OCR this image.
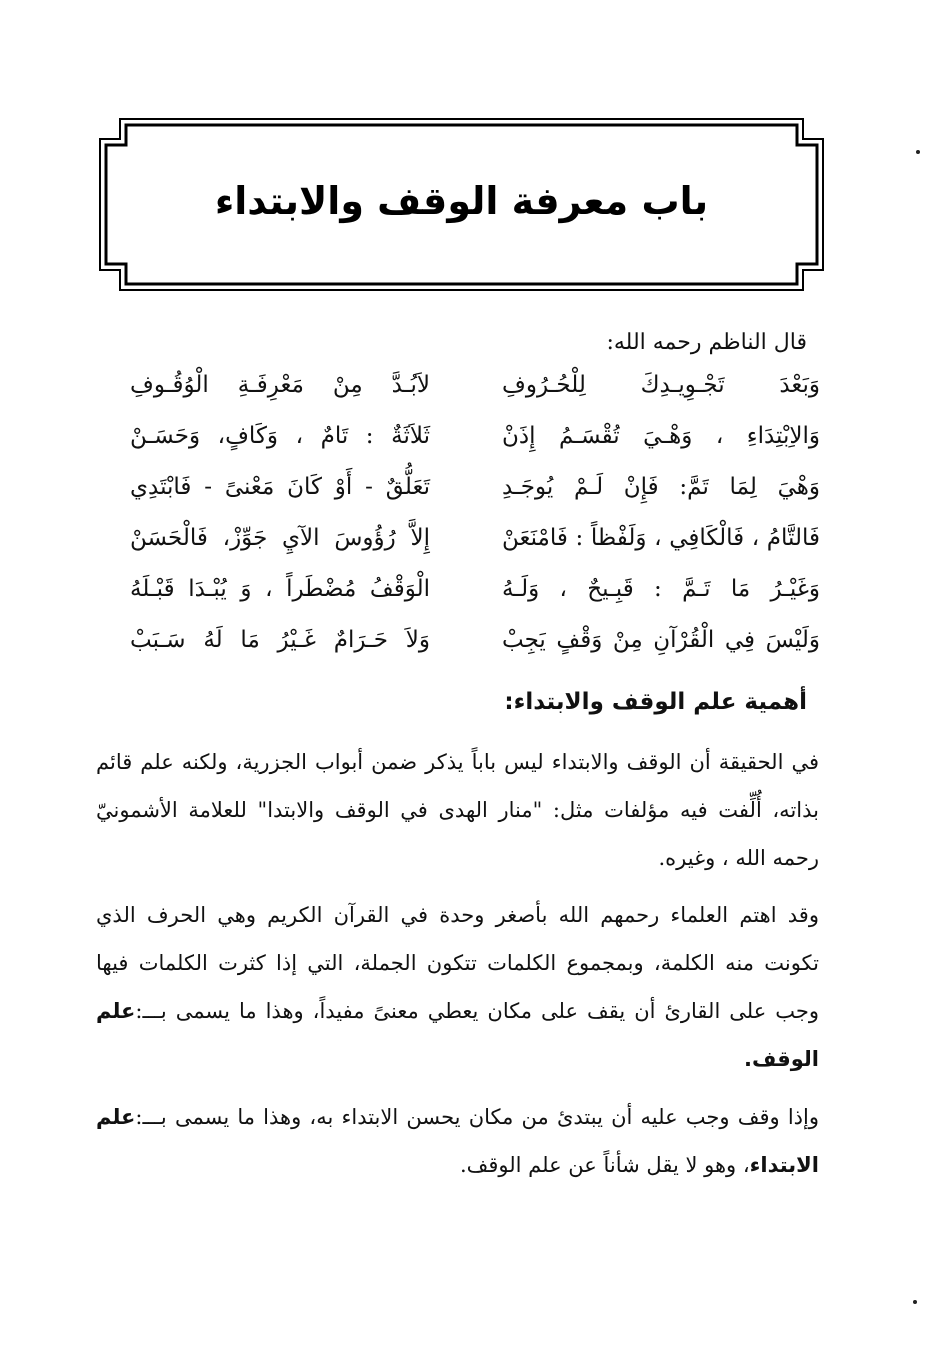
باب معرفة الوقف والابتداء
قال الناظم رحمه الله:
وَبَعْدَ تَجْـوِيـدِكَ لِلْحُـرُوفِ
لاَبُـدَّ مِنْ مَعْرِفَـةِ الْوُقُـوفِ
وَالاِبْتِدَاءِ ، وَهْـيَ تُقْسَـمُ إِذَنْ
ثَلاَثَةٌ : تَامٌ ، وَكَافٍ، وَحَسَـنْ
وَهْيَ لِمَا تَمَّ: فَإِنْ لَـمْ يُوجَـدِ
تَعَلُّقٌ - أَوْ كَانَ مَعْنىً - فَابْتَدِي
فَالتَّامُ ، فَالْكَافِي ، وَلَفْظاً : فَامْنَعَنْ
إِلاَّ رُؤُوسَ الآيِ جَوِّزْ، فَالْحَسَنْ
وَغَيْـرُ مَا تَـمَّ : قَبِـيحٌ ، وَلَـهُ
الْوَقْفُ مُضْطَراً ، وَ يُبْـدَا قَبْـلَهُ
وَلَيْسَ فِي الْقُرْآنِ مِنْ وَقْفٍ يَجِبْ
وَلاَ حَـرَامٌ غَـيْرُ مَا لَهُ سَـبَبْ
أهمية علم الوقف والابتداء:
في الحقيقة أن الوقف والابتداء ليس باباً يذكر ضمن أبواب الجزرية، ولكنه علم قائم بذاته، أُلِّفت فيه مؤلفات مثل: "منار الهدى في الوقف والابتدا" للعلامة الأشمونيّ رحمه الله ، وغيره.
وقد اهتم العلماء رحمهم الله بأصغر وحدة في القرآن الكريم وهي الحرف الذي تكونت منه الكلمة، وبمجموع الكلمات تتكون الجملة، التي إذا كثرت الكلمات فيها وجب على القارئ أن يقف على مكان يعطي معنىً مفيداً، وهذا ما يسمى بـــ:علم الوقف.
وإذا وقف وجب عليه أن يبتدئ من مكان يحسن الابتداء به، وهذا ما يسمى بـــ:علم الابتداء، وهو لا يقل شأناً عن علم الوقف.
